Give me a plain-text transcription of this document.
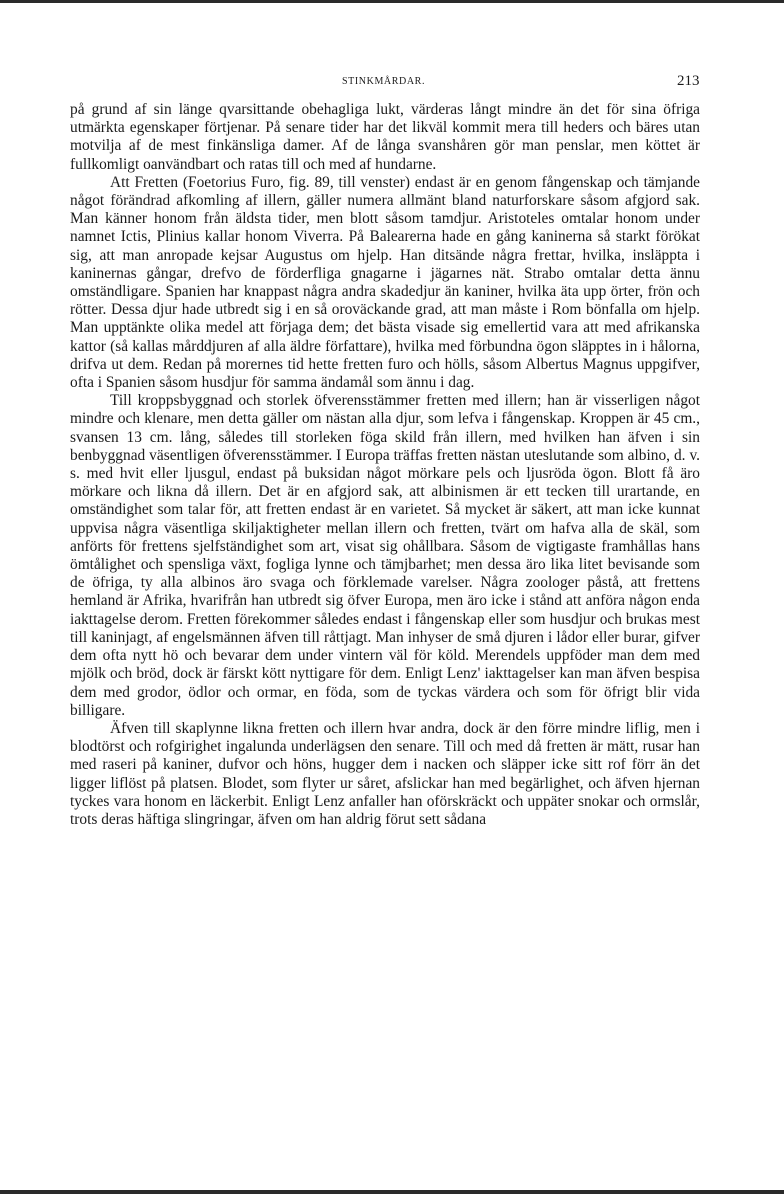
STINKMÅRDAR.	213

på grund af sin länge qvarsittande obehagliga lukt, värderas långt mindre än det för sina öfriga utmärkta egenskaper förtjenar. På senare tider har det likväl kommit mera till heders och bäres utan motvilja af de mest finkänsliga damer. Af de långa svanshåren gör man penslar, men köttet är fullkomligt oanvändbart och ratas till och med af hundarne.

Att Fretten (Foetorius Furo, fig. 89, till venster) endast är en genom fångenskap och tämjande något förändrad afkomling af illern, gäller numera allmänt bland naturforskare såsom afgjord sak. Man känner honom från äldsta tider, men blott såsom tamdjur. Aristoteles omtalar honom under namnet Ictis, Plinius kallar honom Viverra. På Balearerna hade en gång kaninerna så starkt förökat sig, att man anropade kejsar Augustus om hjelp. Han ditsände några frettar, hvilka, insläppta i kaninernas gångar, drefvo de förderfliga gnagarne i jägarnes nät. Strabo omtalar detta ännu omständligare. Spanien har knappast några andra skadedjur än kaniner, hvilka äta upp örter, frön och rötter. Dessa djur hade utbredt sig i en så oroväckande grad, att man måste i Rom bönfalla om hjelp. Man upptänkte olika medel att förjaga dem; det bästa visade sig emellertid vara att med afrikanska kattor (så kallas mårddjuren af alla äldre författare), hvilka med förbundna ögon släpptes in i hålorna, drifva ut dem. Redan på morernes tid hette fretten furo och hölls, såsom Albertus Magnus uppgifver, ofta i Spanien såsom husdjur för samma ändamål som ännu i dag.

Till kroppsbyggnad och storlek öfverensstämmer fretten med illern; han är visserligen något mindre och klenare, men detta gäller om nästan alla djur, som lefva i fångenskap. Kroppen är 45 cm., svansen 13 cm. lång, således till storleken föga skild från illern, med hvilken han äfven i sin benbyggnad väsentligen öfverensstämmer. I Europa träffas fretten nästan uteslutande som albino, d. v. s. med hvit eller ljusgul, endast på buksidan något mörkare pels och ljusröda ögon. Blott få äro mörkare och likna då illern. Det är en afgjord sak, att albinismen är ett tecken till urartande, en omständighet som talar för, att fretten endast är en varietet. Så mycket är säkert, att man icke kunnat uppvisa några väsentliga skiljaktigheter mellan illern och fretten, tvärt om hafva alla de skäl, som anförts för frettens sjelfständighet som art, visat sig ohållbara. Såsom de vigtigaste framhållas hans ömtålighet och spensliga växt, fogliga lynne och tämjbarhet; men dessa äro lika litet bevisande som de öfriga, ty alla albinos äro svaga och förklemade varelser. Några zoologer påstå, att frettens hemland är Afrika, hvarifrån han utbredt sig öfver Europa, men äro icke i stånd att anföra någon enda iakttagelse derom. Fretten förekommer således endast i fångenskap eller som husdjur och brukas mest till kaninjagt, af engelsmännen äfven till råttjagt. Man inhyser de små djuren i lådor eller burar, gifver dem ofta nytt hö och bevarar dem under vintern väl för köld. Merendels uppföder man dem med mjölk och bröd, dock är färskt kött nyttigare för dem. Enligt Lenz' iakttagelser kan man äfven bespisa dem med grodor, ödlor och ormar, en föda, som de tyckas värdera och som för öfrigt blir vida billigare.

Äfven till skaplynne likna fretten och illern hvar andra, dock är den förre mindre liflig, men i blodtörst och rofgirighet ingalunda underlägsen den senare. Till och med då fretten är mätt, rusar han med raseri på kaniner, dufvor och höns, hugger dem i nacken och släpper icke sitt rof förr än det ligger liflöst på platsen. Blodet, som flyter ur såret, afslickar han med begärlighet, och äfven hjernan tyckes vara honom en läckerbit. Enligt Lenz anfaller han oförskräckt och uppäter snokar och ormslår, trots deras häftiga slingringar, äfven om han aldrig förut sett sådana
